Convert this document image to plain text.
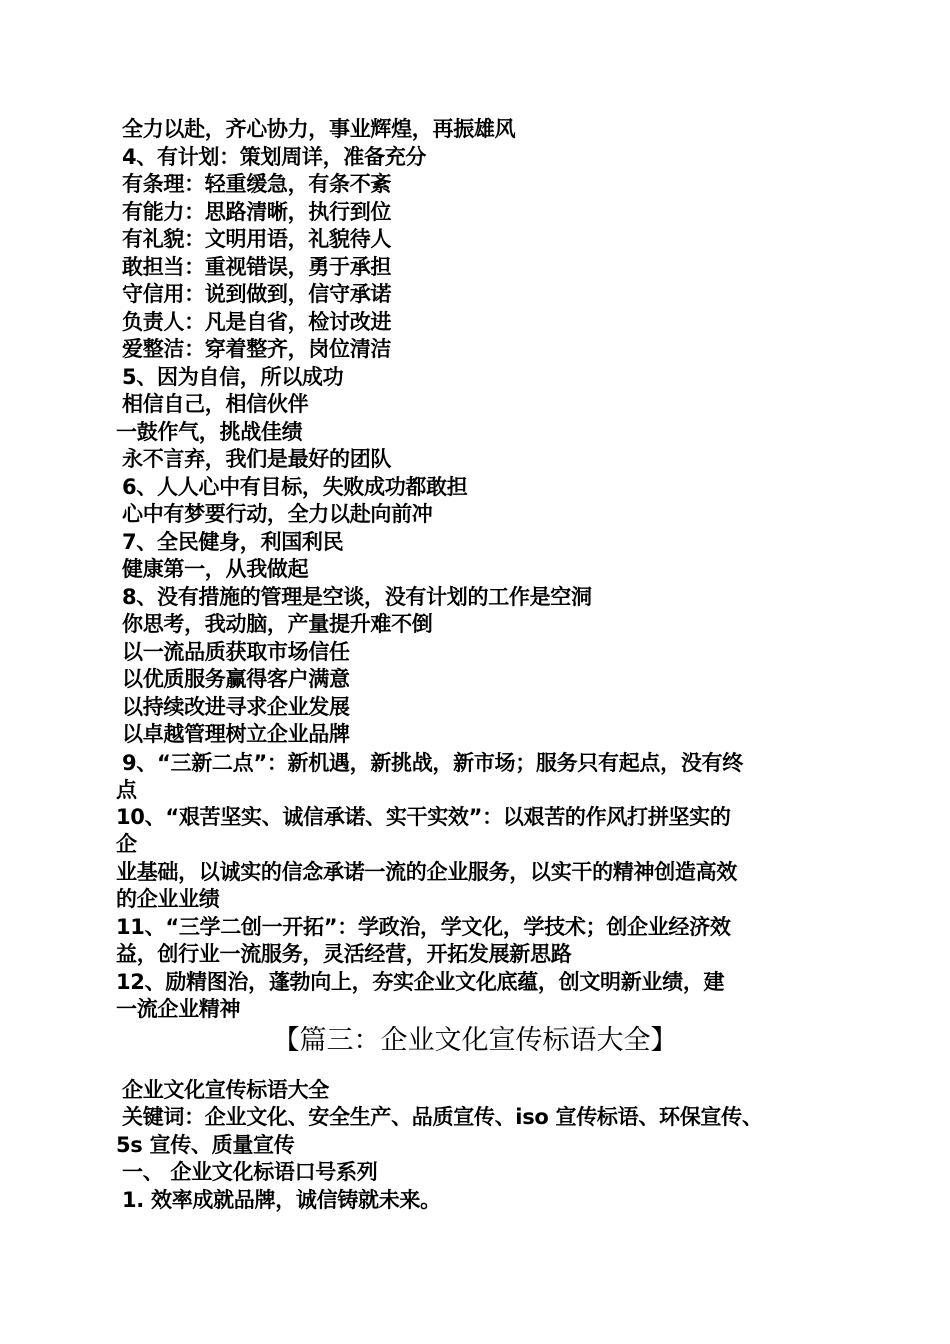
全力以赴，齐心协力，事业辉煌，再振雄风
4、有计划：策划周详，准备充分
有条理：轻重缓急，有条不紊
有能力：思路清晰，执行到位
有礼貌：文明用语，礼貌待人
敢担当：重视错误，勇于承担
守信用：说到做到，信守承诺
负责人：凡是自省，检讨改进
爱整洁：穿着整齐，岗位清洁
5、因为自信，所以成功
相信自己，相信伙伴
一鼓作气，挑战佳绩
永不言弃，我们是最好的团队
6、人人心中有目标，失败成功都敢担
心中有梦要行动，全力以赴向前冲
7、全民健身，利国利民
健康第一，从我做起
8、没有措施的管理是空谈，没有计划的工作是空洞
你思考，我动脑，产量提升难不倒
以一流品质获取市场信任
以优质服务赢得客户满意
以持续改进寻求企业发展
以卓越管理树立企业品牌
9、“三新二点”：新机遇，新挑战，新市场；服务只有起点，没有终
点
10、“艰苦坚实、诚信承诺、实干实效”：以艰苦的作风打拼坚实的
企
业基础，以诚实的信念承诺一流的企业服务，以实干的精神创造高效
的企业业绩
11、“三学二创一开拓”：学政治，学文化，学技术；创企业经济效
益，创行业一流服务，灵活经营，开拓发展新思路
12、励精图治，蓬勃向上，夯实企业文化底蕴，创文明新业绩，建
一流企业精神
【篇三：企业文化宣传标语大全】
企业文化宣传标语大全
关键词：企业文化、安全生产、品质宣传、iso 宣传标语、环保宣传、
5s 宣传、质量宣传
一、 企业文化标语口号系列
1. 效率成就品牌，诚信铸就未来。
